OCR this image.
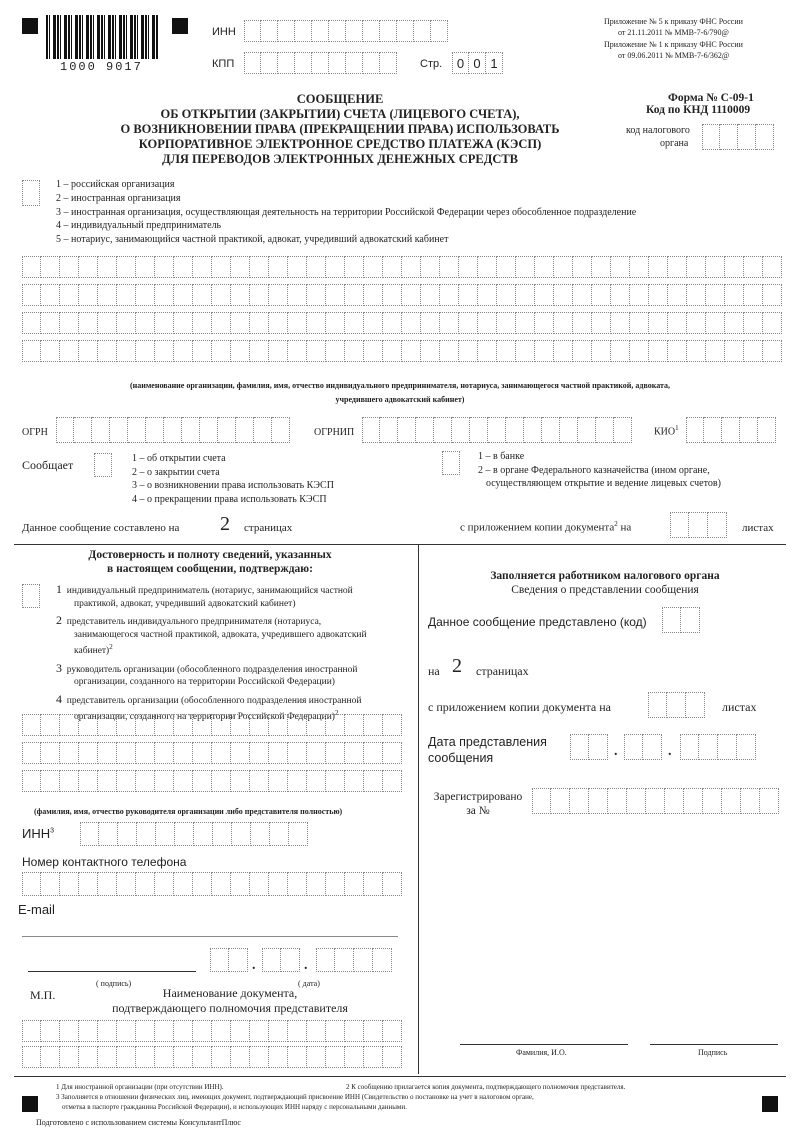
1000 9017
ИНН
КПП	Стр.	0 0 1
Приложение № 5 к приказу ФНС России
от 21.11.2011 № ММВ-7-6/790@
Приложение № 1 к приказу ФНС России
от 09.06.2011 № ММВ-7-6/362@
СООБЩЕНИЕ
ОБ ОТКРЫТИИ (ЗАКРЫТИИ) СЧЕТА (ЛИЦЕВОГО СЧЕТА),
О ВОЗНИКНОВЕНИИ ПРАВА (ПРЕКРАЩЕНИИ ПРАВА) ИСПОЛЬЗОВАТЬ
КОРПОРАТИВНОЕ ЭЛЕКТРОННОЕ СРЕДСТВО ПЛАТЕЖА (КЭСП)
ДЛЯ ПЕРЕВОДОВ ЭЛЕКТРОННЫХ ДЕНЕЖНЫХ СРЕДСТВ
Форма № С-09-1
Код по КНД 1110009
код налогового
органа
1 – российская организация
2 – иностранная организация
3 – иностранная организация, осуществляющая деятельность на территории Российской Федерации через обособленное подразделение
4 – индивидуальный предприниматель
5 – нотариус, занимающийся частной практикой, адвокат, учредивший адвокатский кабинет
(наименование организации, фамилия, имя, отчество индивидуального предпринимателя, нотариуса, занимающегося частной практикой, адвоката,
учредившего адвокатский кабинет)
ОГРН	ОГРНИП	КИО$^1$
Сообщает	1 – об открытии счета
2 – о закрытии счета
3 – о возникновении права использовать КЭСП
4 – о прекращении права использовать КЭСП
1 – в банке
2 – в органе Федерального казначейства (ином органе,
осуществляющем открытие и ведение лицевых счетов)
Данное сообщение составлено на 2 страницах	с приложением копии документа$^2$ на	листах
Достоверность и полноту сведений, указанных
в настоящем сообщении, подтверждаю:
1 индивидуальный предприниматель (нотариус, занимающийся частной
практикой, адвокат, учредивший адвокатский кабинет)
2 представитель индивидуального предпринимателя (нотариуса,
занимающегося частной практикой, адвоката, учредившего адвокатский
кабинет)$^2$
3 руководитель организации (обособленного подразделения иностранной
организации, созданного на территории Российской Федерации)
4 представитель организации (обособленного подразделения иностранной
организации, созданного на территории Российской Федерации)$^2$
(фамилия, имя, отчество руководителя организации либо представителя полностью)
ИНН$^3$
Номер контактного телефона
E-mail
( подпись)
.	.
( дата)
М.П.	Наименование документа,
подтверждающего полномочия представителя
Заполняется работником налогового органа
Сведения о представлении сообщения
Данное сообщение представлено (код)
на 2 страницах
с приложением копии документа на	листах
Дата представления
сообщения	.	.
Зарегистрировано
за №
Фамилия, И.О.	Подпись
1 Для иностранной организации (при отсутствии ИНН).	2 К сообщению прилагается копия документа, подтверждающего полномочия представителя.
3 Заполняется в отношении физических лиц, имеющих документ, подтверждающий присвоение ИНН (Свидетельство о постановке на учет в налоговом органе,
отметка в паспорте гражданина Российской Федерации), и использующих ИНН наряду с персональными данными.
Подготовлено с использованием системы КонсультантПлюс
